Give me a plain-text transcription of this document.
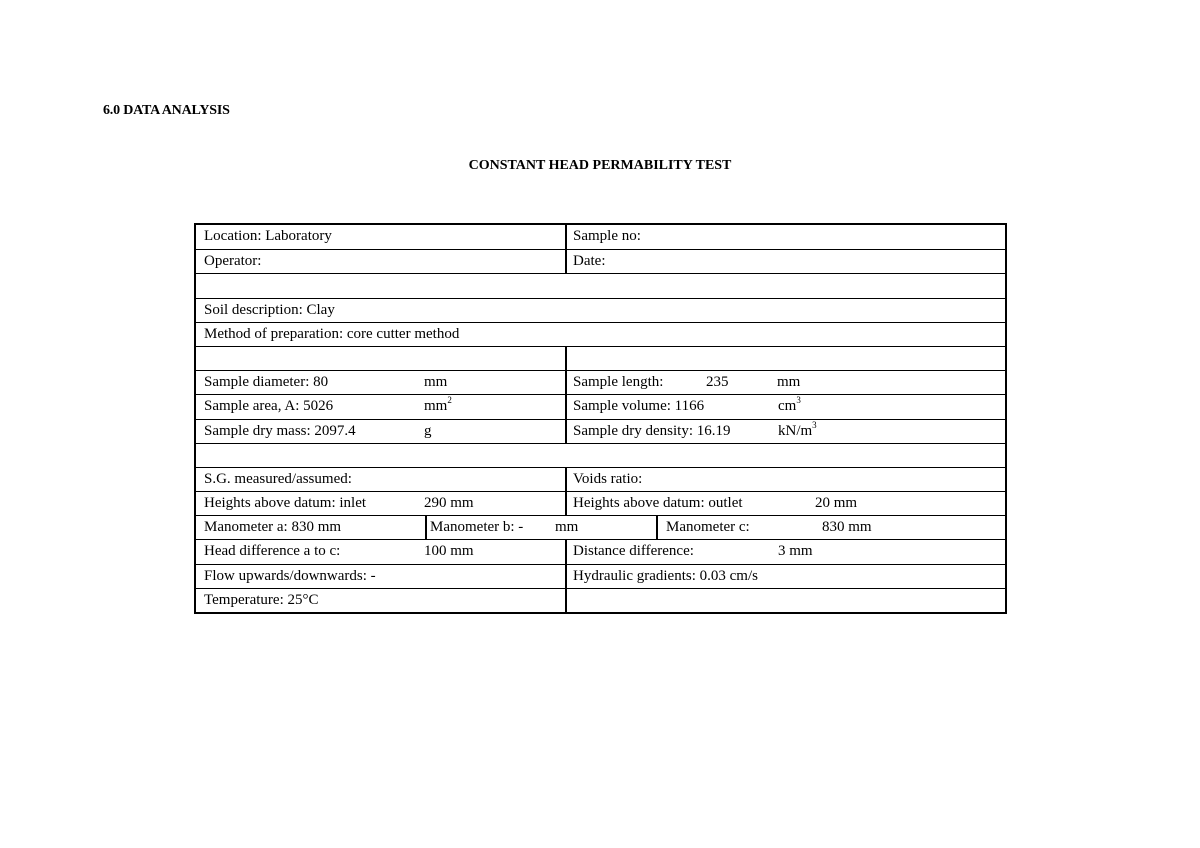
6.0 DATA ANALYSIS
CONSTANT HEAD PERMABILITY TEST
Location: Laboratory	Sample no:
Operator:	Date:
Soil description: Clay
Method of preparation: core cutter method
Sample diameter: 80	mm	Sample length:	235	mm
Sample area, A: 5026	$mm^2$	Sample volume: 1166	$cm^3$
Sample dry mass: 2097.4	g	Sample dry density: 16.19	$kN/m^3$
S.G. measured/assumed:	Voids ratio:
Heights above datum: inlet	290 mm	Heights above datum: outlet	20 mm
Manometer a: 830 mm	Manometer b: - mm	Manometer c:	830 mm
Head difference a to c:	100 mm	Distance difference:	3 mm
Flow upwards/downwards: -	Hydraulic gradients: 0.03 cm/s
Temperature: 25°C
